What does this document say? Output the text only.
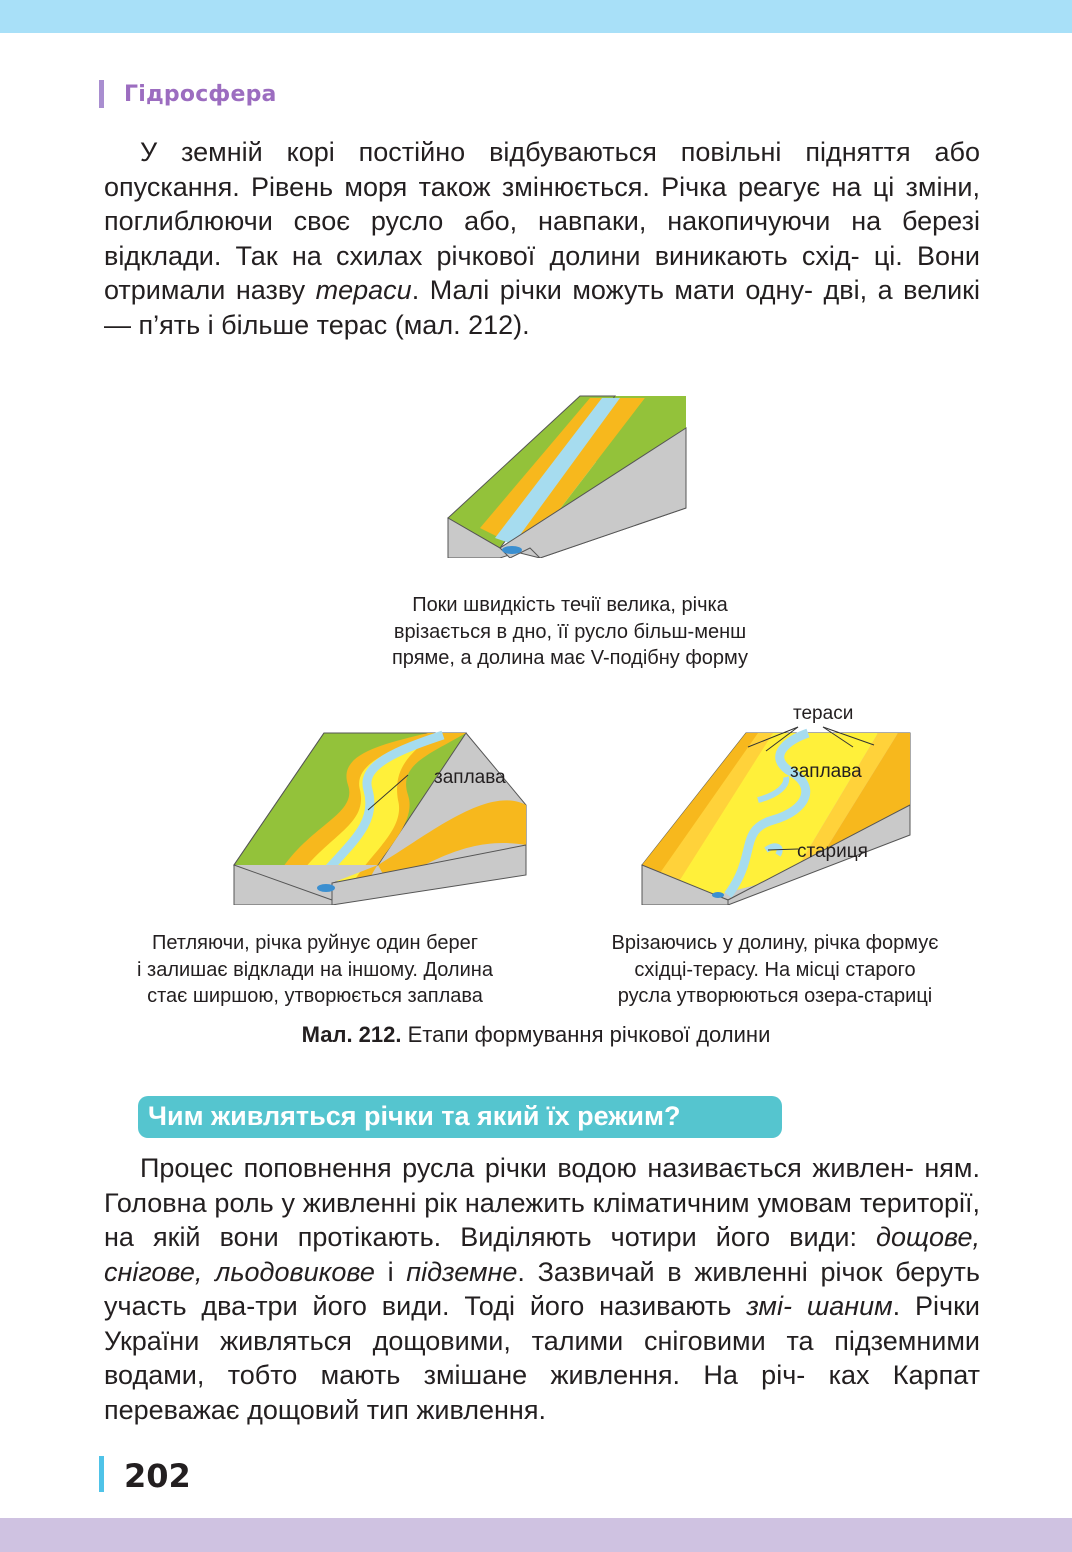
Гідросфера

У земній корі постійно відбуваються повільні підняття або опускання. Рівень моря також змінюється. Річка реагує на ці зміни, поглиблюючи своє русло або, навпаки, накопичуючи на березі відклади. Так на схилах річкової долини виникають схід- ці. Вони отримали назву тераси. Малі річки можуть мати одну- дві, а великі — п’ять і більше терас (мал. 212).

Поки швидкість течії велика, річка
врізається в дно, її русло більш-менш
пряме, а долина має V-подібну форму

заплава
тераси
заплава
стариця

Петляючи, річка руйнує один берег
і залишає відклади на іншому. Долина
стає ширшою, утворюється заплава

Врізаючись у долину, річка формує
східці-терасу. На місці старого
русла утворюються озера-стариці

Мал. 212. Етапи формування річкової долини

Чим живляться річки та який їх режим?

Процес поповнення русла річки водою називається живлен- ням. Головна роль у живленні рік належить кліматичним умовам території, на якій вони протікають. Виділяють чотири його види: дощове, снігове, льодовикове і підземне. Зазвичай в живленні річок беруть участь два-три його види. Тоді його називають змі- шаним. Річки України живляться дощовими, талими сніговими та підземними водами, тобто мають змішане живлення. На річ- ках Карпат переважає дощовий тип живлення.

202
